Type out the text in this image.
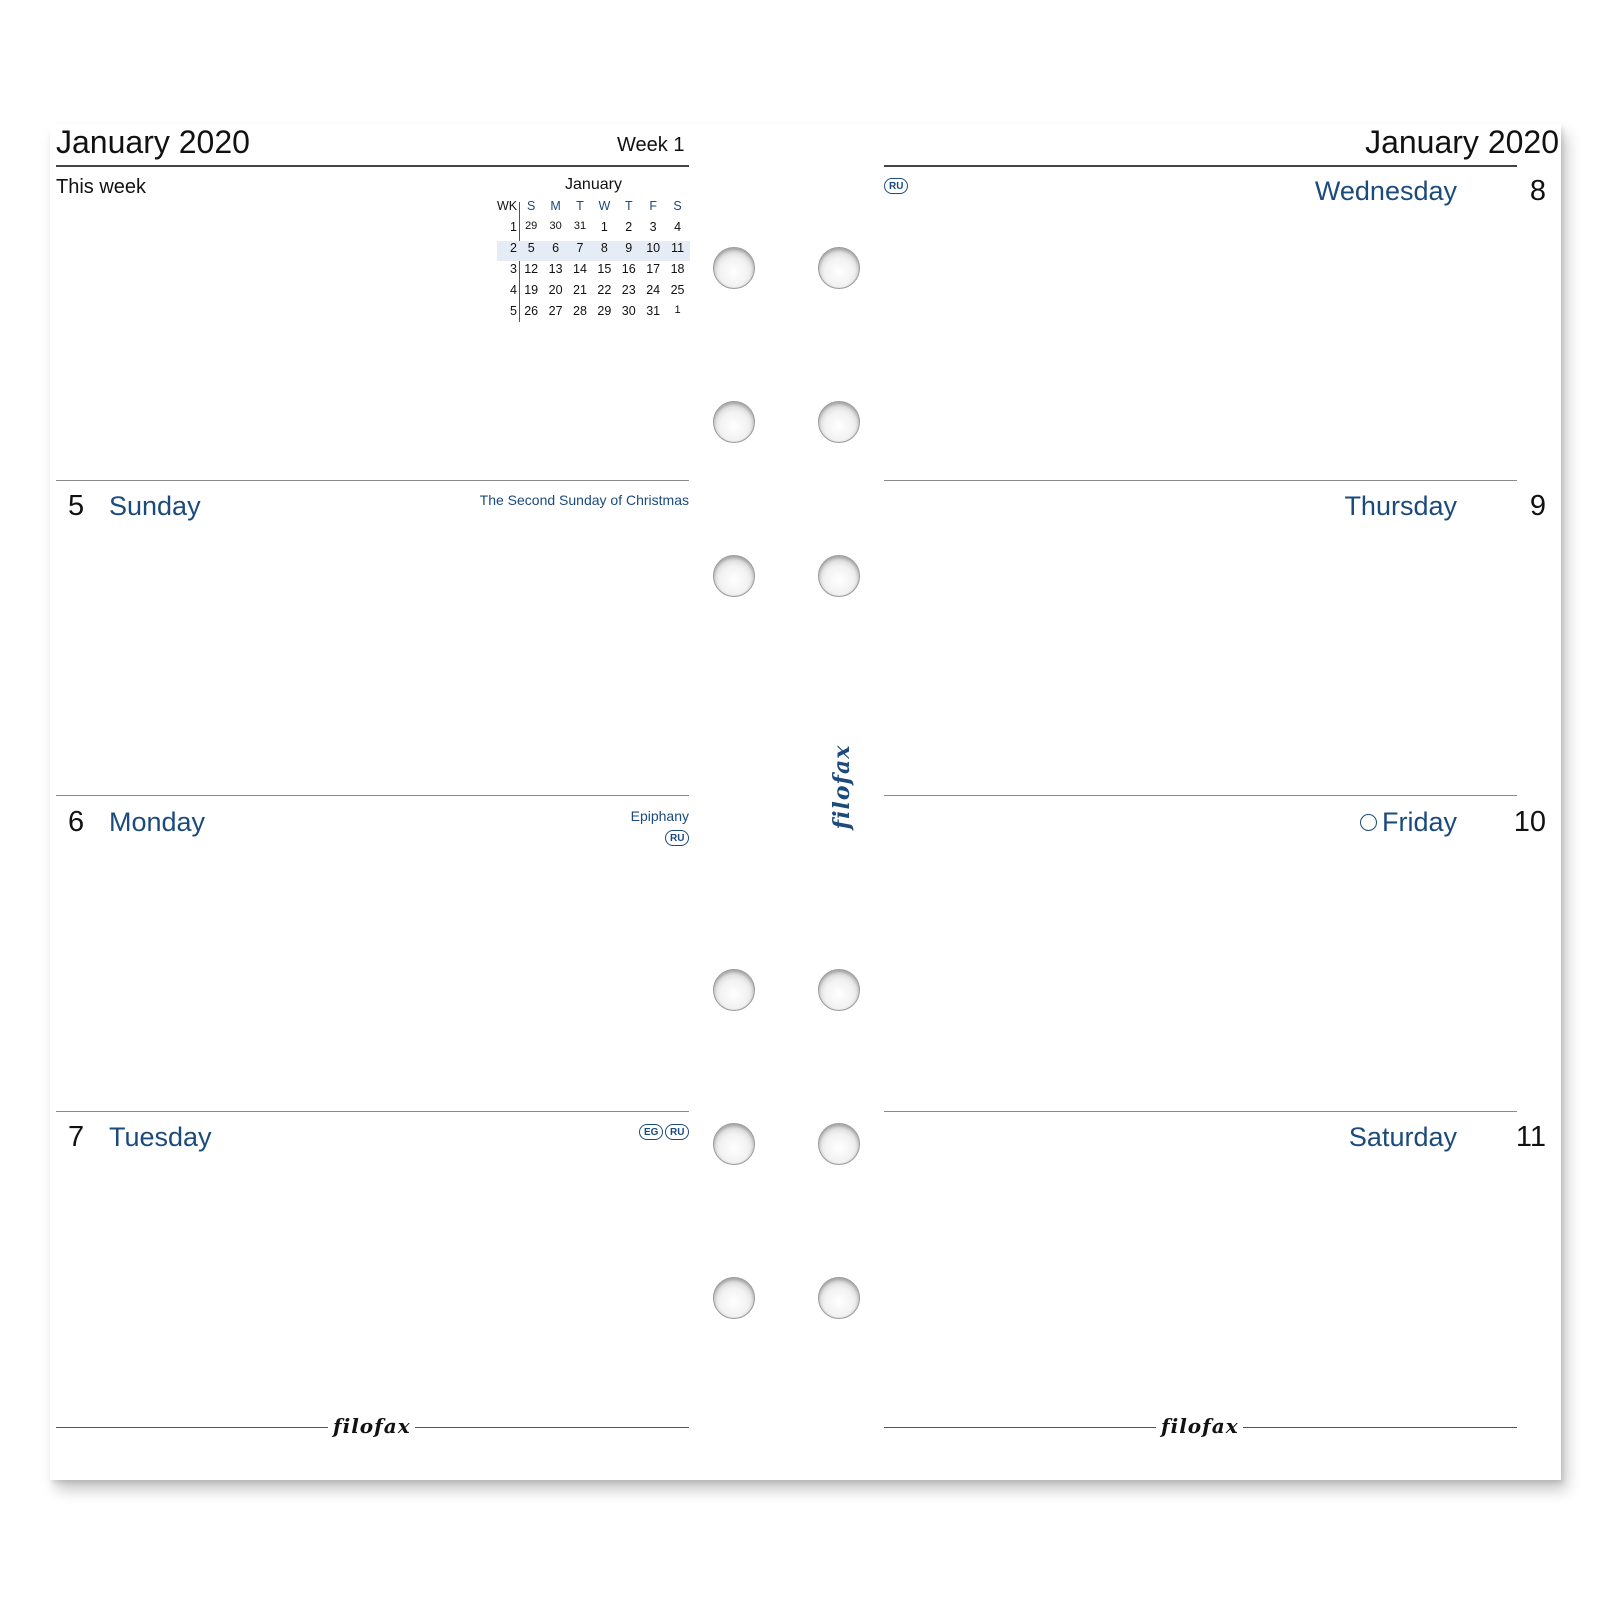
January 2020	Week 1
This week	January
WK S	M	T	W	T	F	S
1 29	30	31	1	2	3	4
2 5	6	7	8	9	10 11
3 12 13 14 15 16 17 18
4 19 20 21 22 23 24 25
5 26 27 28 29 30 31	1
5 Sunday	The Second Sunday of Christmas
6 Monday	Epiphany
RU
7 Tuesday	EG	RU
filofax
filofax
January 2020
RU	Wednesday	8
Thursday	9
Friday 10
Saturday 11
filofax
